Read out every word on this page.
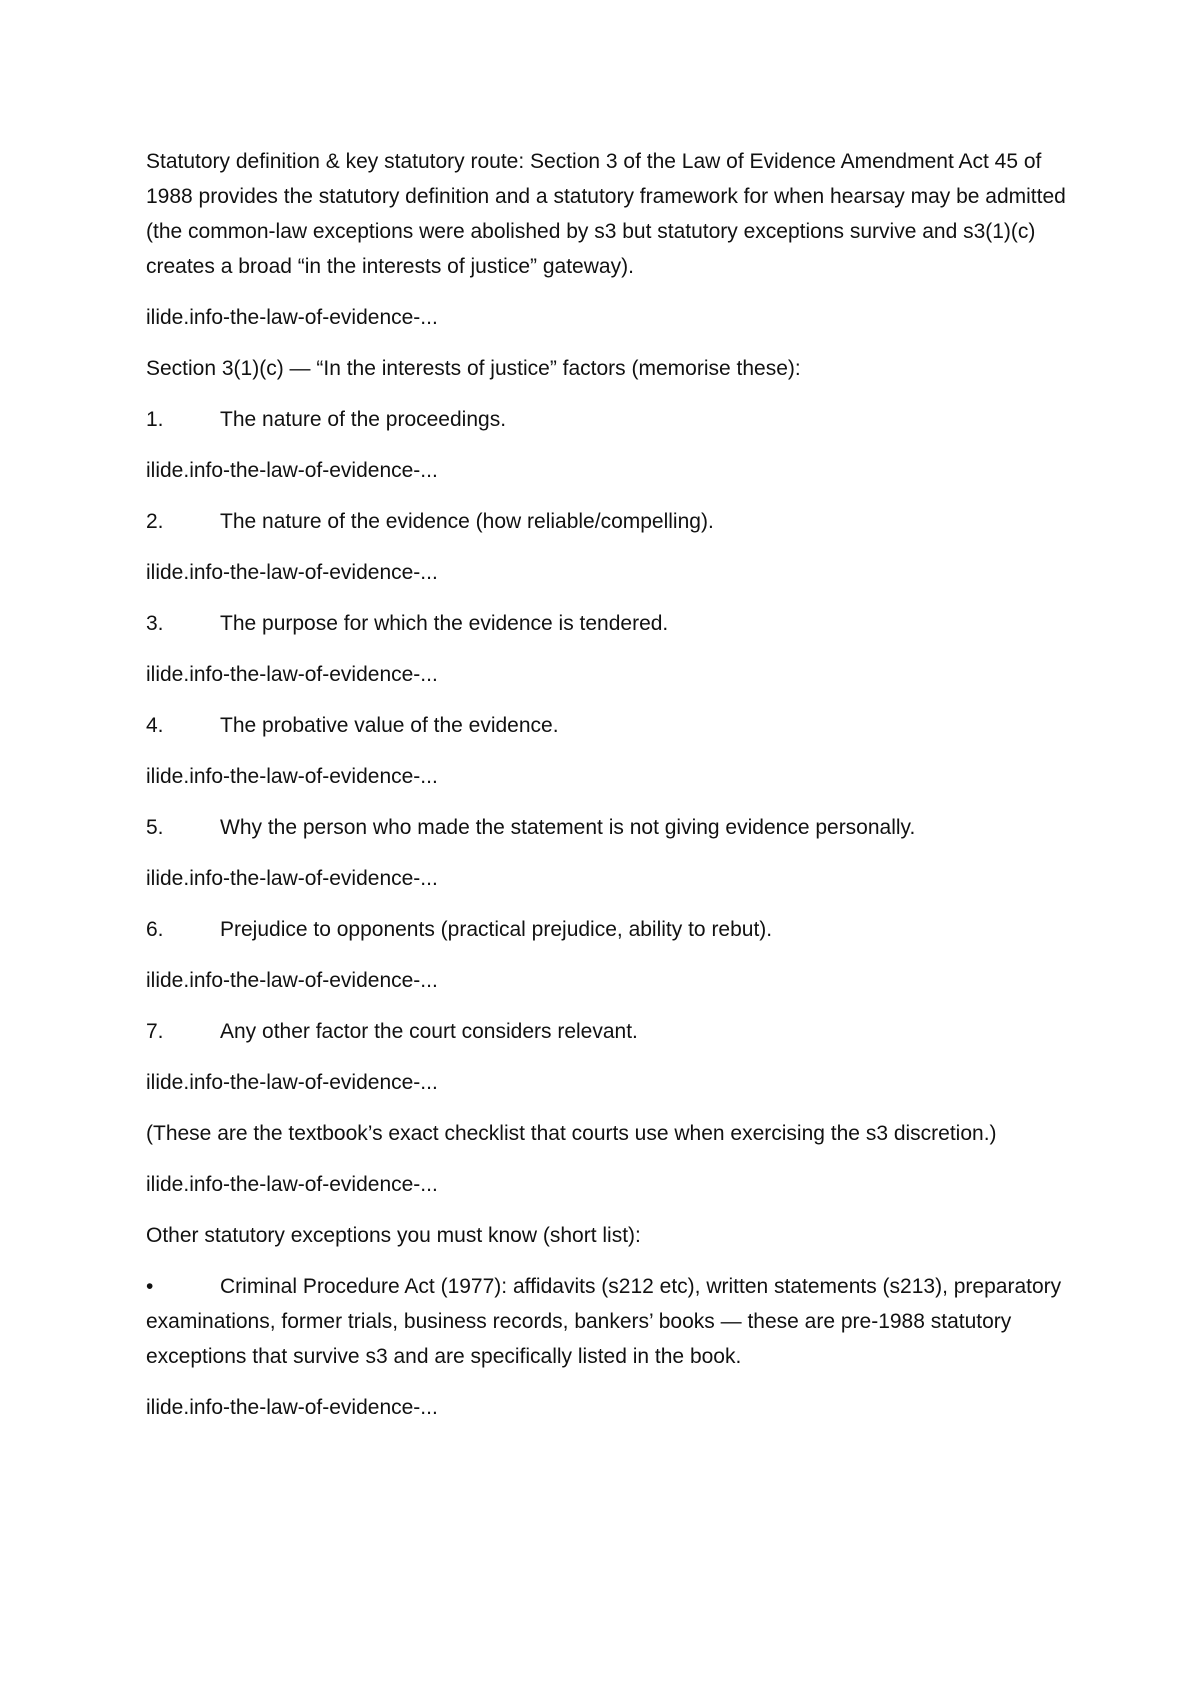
Statutory definition & key statutory route: Section 3 of the Law of Evidence Amendment Act 45 of 1988 provides the statutory definition and a statutory framework for when hearsay may be admitted (the common-law exceptions were abolished by s3 but statutory exceptions survive and s3(1)(c) creates a broad “in the interests of justice” gateway).

ilide.info-the-law-of-evidence-...

Section 3(1)(c) — “In the interests of justice” factors (memorise these):

1.	The nature of the proceedings.

ilide.info-the-law-of-evidence-...

2.	The nature of the evidence (how reliable/compelling).

ilide.info-the-law-of-evidence-...

3.	The purpose for which the evidence is tendered.

ilide.info-the-law-of-evidence-...

4.	The probative value of the evidence.

ilide.info-the-law-of-evidence-...

5.	Why the person who made the statement is not giving evidence personally.

ilide.info-the-law-of-evidence-...

6.	Prejudice to opponents (practical prejudice, ability to rebut).

ilide.info-the-law-of-evidence-...

7.	Any other factor the court considers relevant.

ilide.info-the-law-of-evidence-...

(These are the textbook’s exact checklist that courts use when exercising the s3 discretion.)

ilide.info-the-law-of-evidence-...

Other statutory exceptions you must know (short list):

•	Criminal Procedure Act (1977): affidavits (s212 etc), written statements (s213), preparatory examinations, former trials, business records, bankers’ books — these are pre-1988 statutory exceptions that survive s3 and are specifically listed in the book.

ilide.info-the-law-of-evidence-...
